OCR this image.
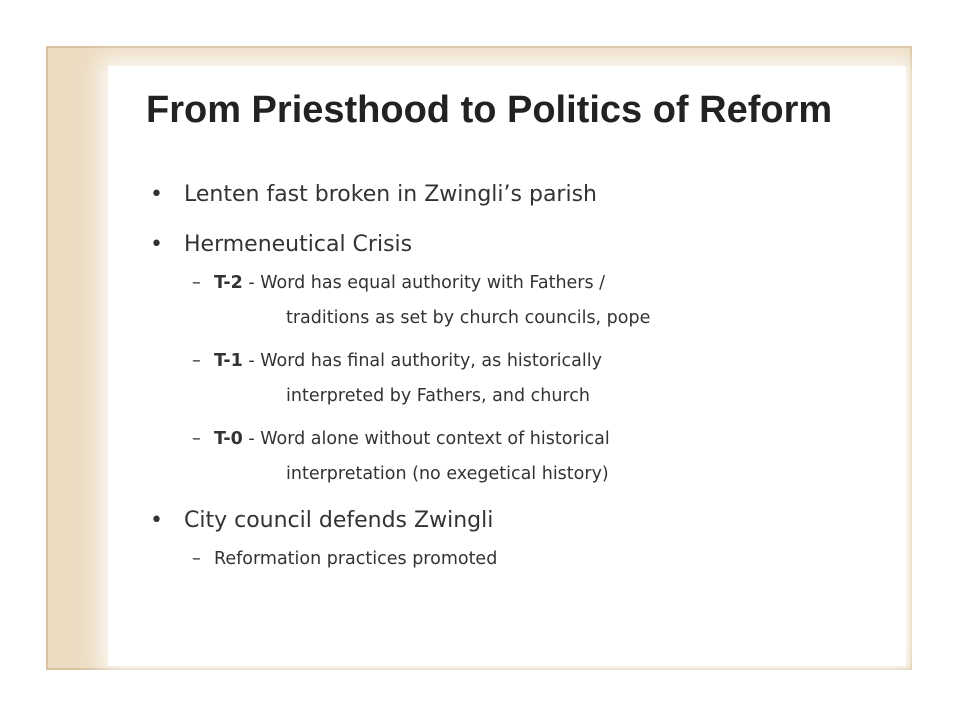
From Priesthood to Politics of Reform
• Lenten fast broken in Zwingli’s parish
• Hermeneutical Crisis
– T-2 - Word has equal authority with Fathers /
traditions as set by church councils, pope
– T-1 - Word has final authority, as historically
interpreted by Fathers, and church
– T-0 - Word alone without context of historical
interpretation (no exegetical history)
• City council defends Zwingli
– Reformation practices promoted
